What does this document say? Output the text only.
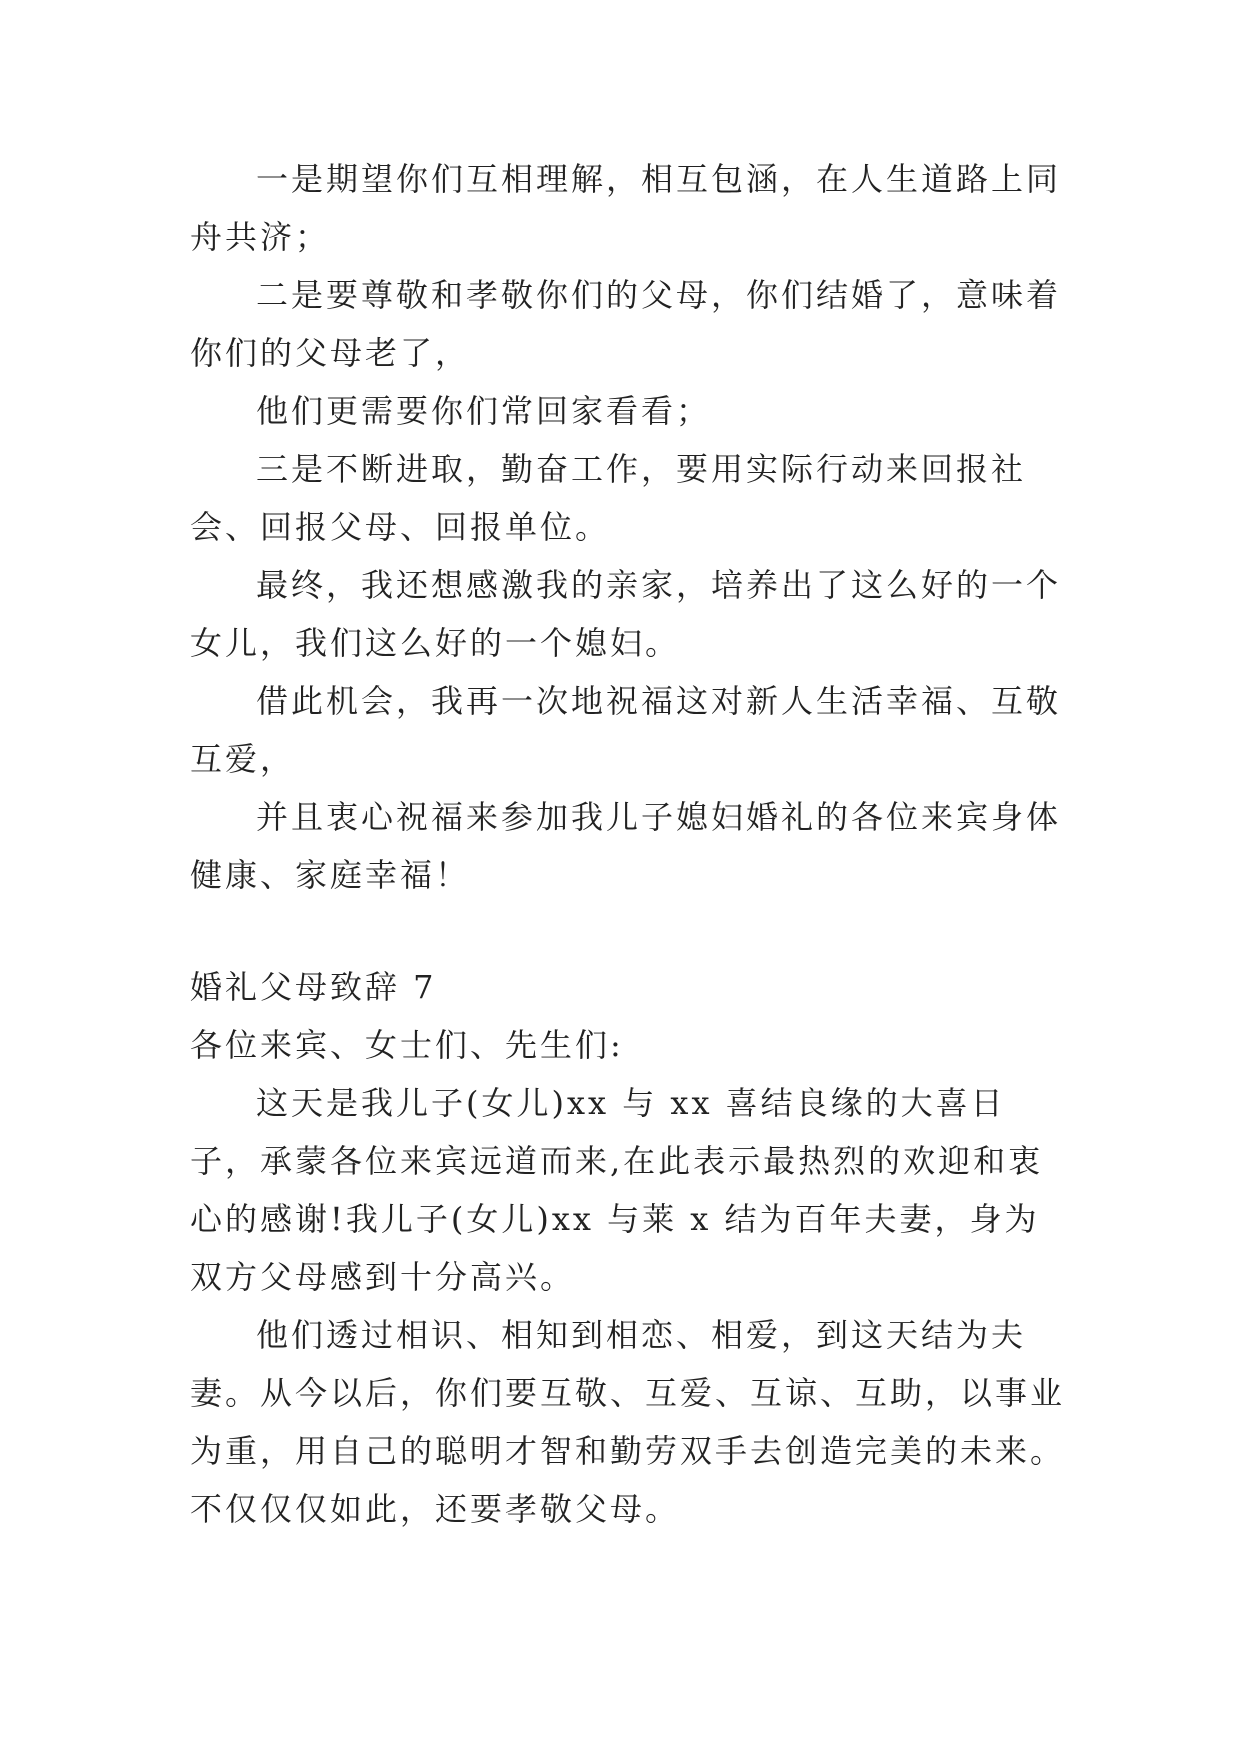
一是期望你们互相理解，相互包涵，在人生道路上同舟共济；

二是要尊敬和孝敬你们的父母，你们结婚了，意味着你们的父母老了，

他们更需要你们常回家看看；

三是不断进取，勤奋工作，要用实际行动来回报社会、回报父母、回报单位。

最终，我还想感激我的亲家，培养出了这么好的一个女儿，我们这么好的一个媳妇。

借此机会，我再一次地祝福这对新人生活幸福、互敬互爱，

并且衷心祝福来参加我儿子媳妇婚礼的各位来宾身体健康、家庭幸福！

婚礼父母致辞 7

各位来宾、女士们、先生们:

这天是我儿子(女儿)xx 与 xx 喜结良缘的大喜日子，承蒙各位来宾远道而来,在此表示最热烈的欢迎和衷心的感谢!我儿子(女儿)xx 与莱 x 结为百年夫妻，身为双方父母感到十分高兴。

他们透过相识、相知到相恋、相爱，到这天结为夫妻。从今以后，你们要互敬、互爱、互谅、互助，以事业为重，用自己的聪明才智和勤劳双手去创造完美的未来。不仅仅仅如此，还要孝敬父母。
